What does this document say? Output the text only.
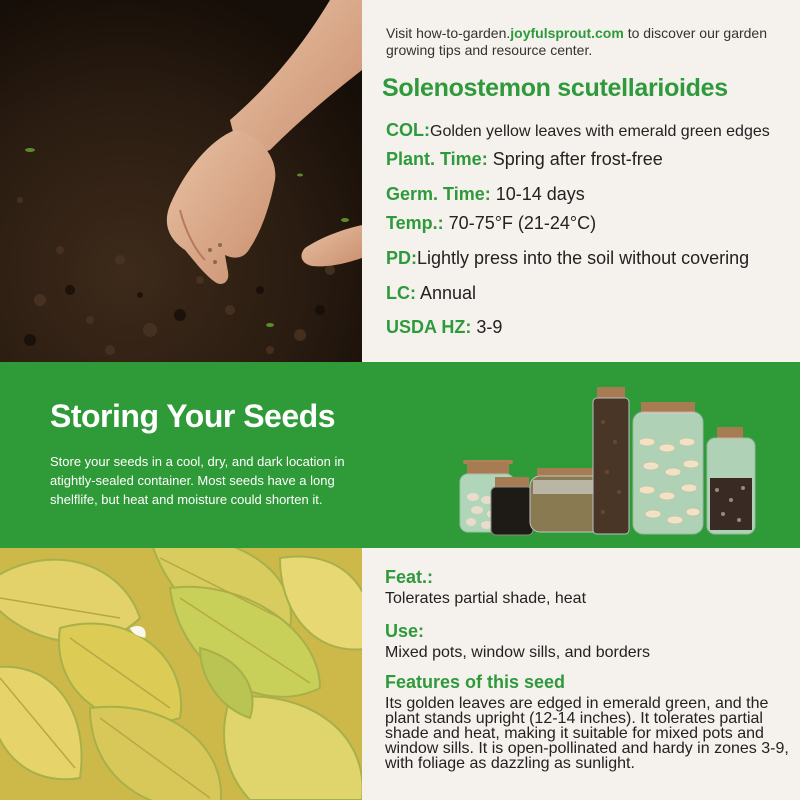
Visit how-to-garden.joyfulsprout.com to discover our garden growing tips and resource center.
Solenostemon scutellarioides
COL:Golden yellow leaves with emerald green edges
Plant. Time: Spring after frost-free
Germ. Time: 10-14 days
Temp.: 70-75°F (21-24°C)
PD:Lightly press into the soil without covering
LC: Annual
USDA HZ: 3-9
Storing Your Seeds
Store your seeds in a cool, dry, and dark location in atightly-sealed container. Most seeds have a long shelflife, but heat and moisture could shorten it.
Feat.:
Tolerates partial shade, heat
Use:
Mixed pots, window sills, and borders
Features of this seed
Its golden leaves are edged in emerald green, and the plant stands upright (12-14 inches). It tolerates partial shade and heat, making it suitable for mixed pots and window sills. It is open-pollinated and hardy in zones 3-9, with foliage as dazzling as sunlight.
